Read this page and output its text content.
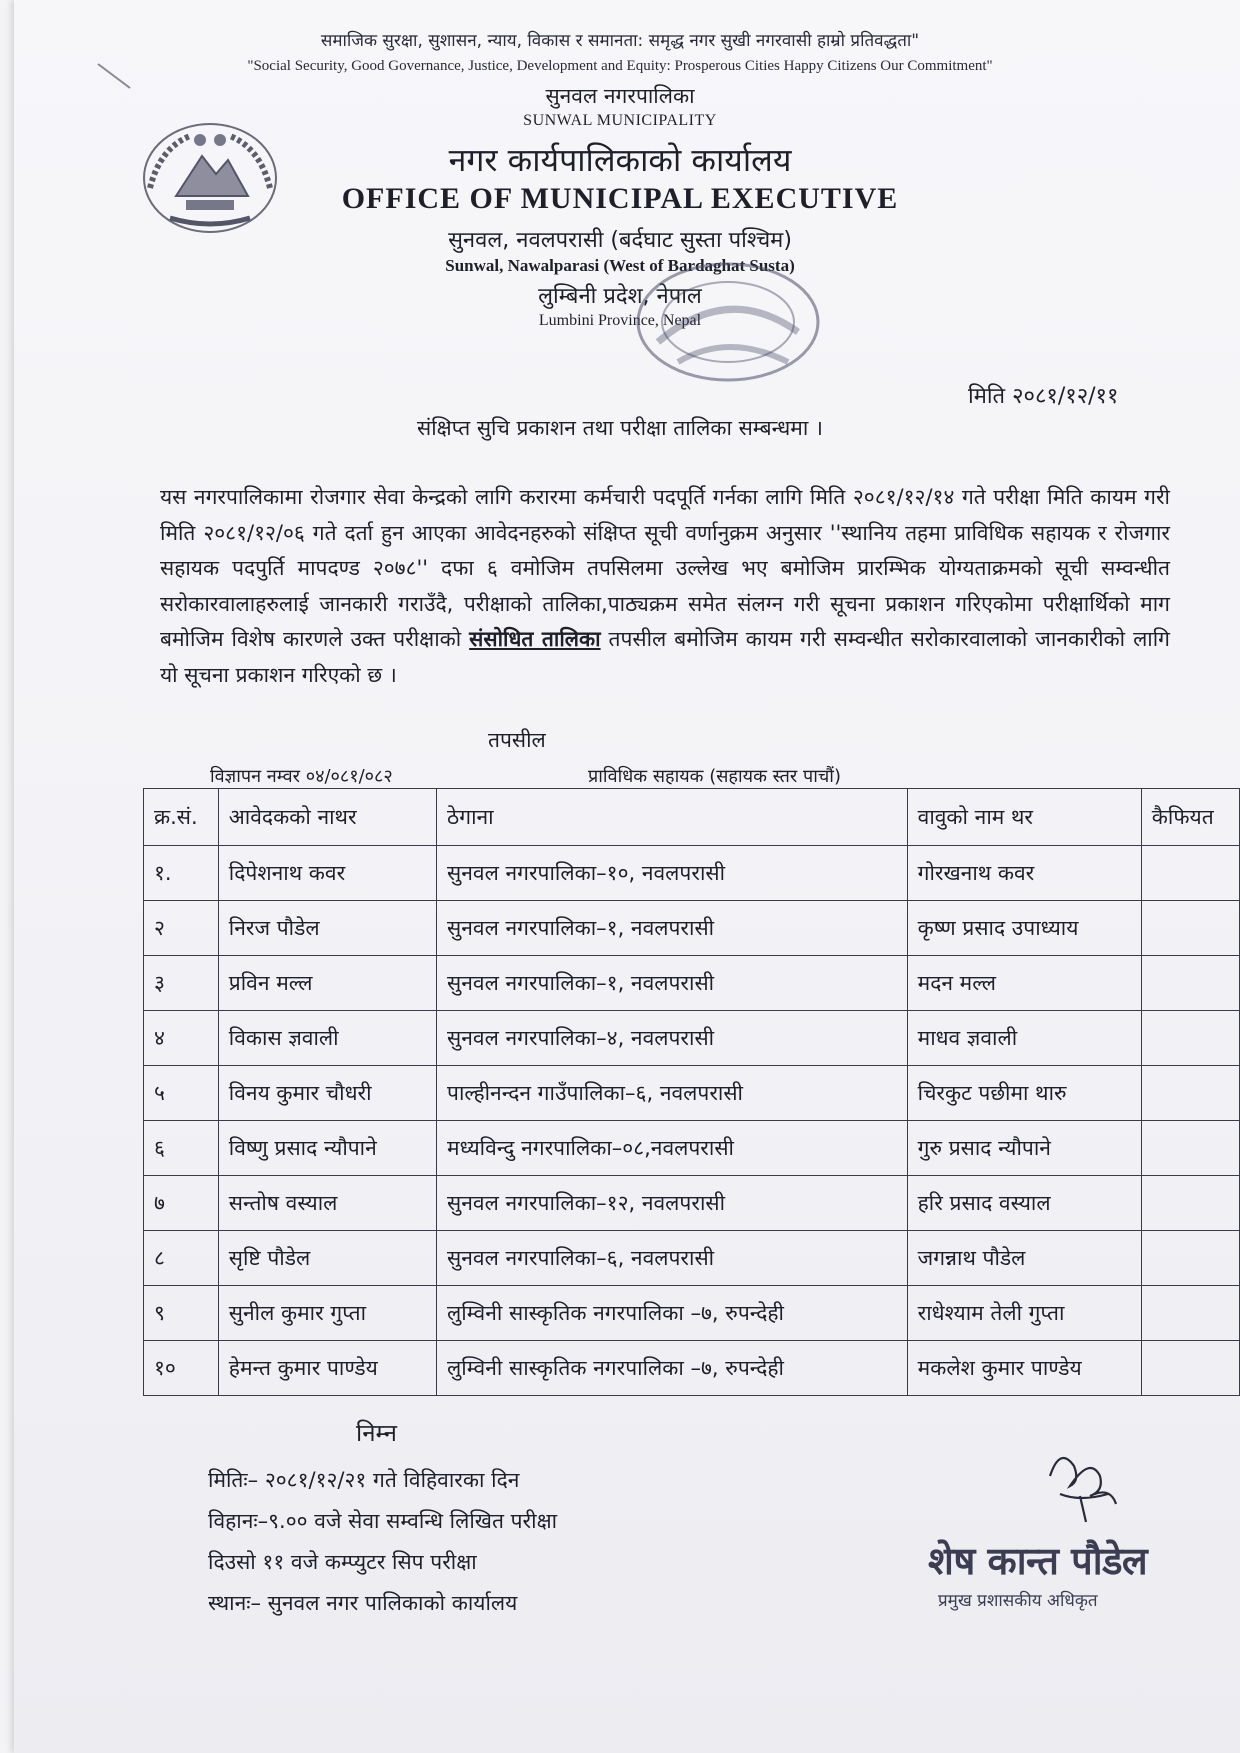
समाजिक सुरक्षा, सुशासन, न्याय, विकास र समानता: समृद्ध नगर सुखी नगरवासी हाम्रो प्रतिवद्धता"
"Social Security, Good Governance, Justice, Development and Equity: Prosperous Cities Happy Citizens Our Commitment"
सुनवल नगरपालिका
SUNWAL MUNICIPALITY
नगर कार्यपालिकाको कार्यालय
OFFICE OF MUNICIPAL EXECUTIVE
सुनवल, नवलपरासी (बर्दघाट सुस्ता पश्चिम)
Sunwal, Nawalparasi (West of Bardaghat Susta)
लुम्बिनी प्रदेश, नेपाल
Lumbini Province, Nepal
मिति २०८१/१२/११
संक्षिप्त सुचि प्रकाशन तथा परीक्षा तालिका सम्बन्धमा ।
यस नगरपालिकामा रोजगार सेवा केन्द्रको लागि करारमा कर्मचारी पदपूर्ति गर्नका लागि मिति २०८१/१२/१४ गते परीक्षा मिति कायम गरी मिति २०८१/१२/०६ गते दर्ता हुन आएका आवेदनहरुको संक्षिप्त सूची वर्णानुक्रम अनुसार ''स्थानिय तहमा प्राविधिक सहायक र रोजगार सहायक पदपुर्ति मापदण्ड २०७८'' दफा ६ वमोजिम तपसिलमा उल्लेख भए बमोजिम प्रारम्भिक योग्यताक्रमको सूची सम्वन्धीत सरोकारवालाहरुलाई जानकारी गराउँदै, परीक्षाको तालिका,पाठ्यक्रम समेत संलग्न गरी सूचना प्रकाशन गरिएकोमा परीक्षार्थिको माग बमोजिम विशेष कारणले उक्त परीक्षाको संसोधित तालिका तपसील बमोजिम कायम गरी सम्वन्धीत सरोकारवालाको जानकारीको लागि यो सूचना प्रकाशन गरिएको छ ।
तपसील
विज्ञापन नम्वर ०४/०८१/०८२	प्राविधिक सहायक (सहायक स्तर पाचौं)
क्र.सं.	आवेदकको नाथर	ठेगाना	वावुको नाम थर	कैफियत
१.	दिपेशनाथ कवर	सुनवल नगरपालिका–१०, नवलपरासी	गोरखनाथ कवर	
२	निरज पौडेल	सुनवल नगरपालिका–१, नवलपरासी	कृष्ण प्रसाद उपाध्याय	
३	प्रविन मल्ल	सुनवल नगरपालिका–१, नवलपरासी	मदन मल्ल	
४	विकास ज्ञवाली	सुनवल नगरपालिका–४, नवलपरासी	माधव ज्ञवाली	
५	विनय कुमार चौधरी	पाल्हीनन्दन गाउँपालिका–६, नवलपरासी	चिरकुट पछीमा थारु	
६	विष्णु प्रसाद न्यौपाने	मध्यविन्दु नगरपालिका–०८,नवलपरासी	गुरु प्रसाद न्यौपाने	
७	सन्तोष वस्याल	सुनवल नगरपालिका–१२, नवलपरासी	हरि प्रसाद वस्याल	
८	सृष्टि पौडेल	सुनवल नगरपालिका–६, नवलपरासी	जगन्नाथ पौडेल	
९	सुनील कुमार गुप्ता	लुम्विनी सास्कृतिक नगरपालिका –७, रुपन्देही	राधेश्याम तेली गुप्ता	
१०	हेमन्त कुमार पाण्डेय	लुम्विनी सास्कृतिक नगरपालिका –७, रुपन्देही	मकलेश कुमार पाण्डेय	
निम्न
मितिः– २०८१/१२/२१ गते विहिवारका दिन
विहानः–९.०० वजे सेवा सम्वन्धि लिखित परीक्षा
दिउसो ११ वजे कम्प्युटर सिप परीक्षा
स्थानः– सुनवल नगर पालिकाको कार्यालय
शेष कान्त पौडेल
प्रमुख प्रशासकीय अधिकृत
